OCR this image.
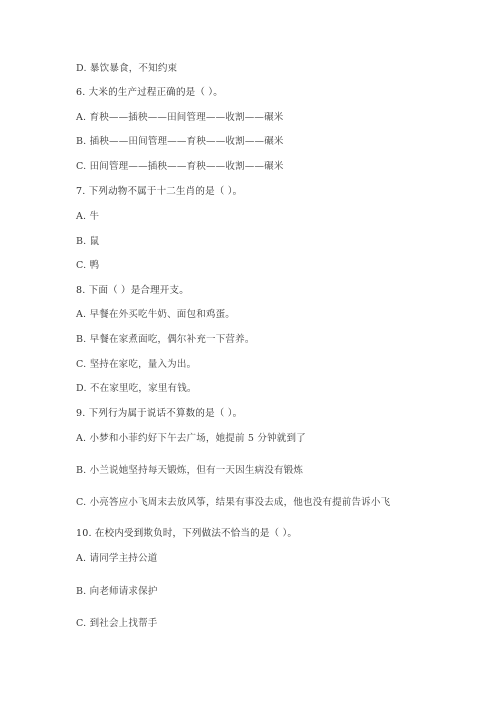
D. 暴饮暴食，不知约束
6. 大米的生产过程正确的是（ ）。
A. 育秧——插秧——田间管理——收割——碾米
B. 插秧——田间管理——育秧——收割——碾米
C. 田间管理——插秧——育秧——收割——碾米
7. 下列动物不属于十二生肖的是（ ）。
A. 牛
B. 鼠
C. 鸭
8. 下面（ ）是合理开支。
A. 早餐在外买吃牛奶、面包和鸡蛋。
B. 早餐在家煮面吃，偶尔补充一下营养。
C. 坚持在家吃，量入为出。
D. 不在家里吃，家里有钱。
9. 下列行为属于说话不算数的是（ ）。
A. 小梦和小菲约好下午去广场，她提前 5 分钟就到了
B. 小兰说她坚持每天锻炼，但有一天因生病没有锻炼
C. 小亮答应小飞周末去放风筝，结果有事没去成，他也没有提前告诉小飞
10. 在校内受到欺负时，下列做法不恰当的是（ ）。
A. 请同学主持公道
B. 向老师请求保护
C. 到社会上找帮手
